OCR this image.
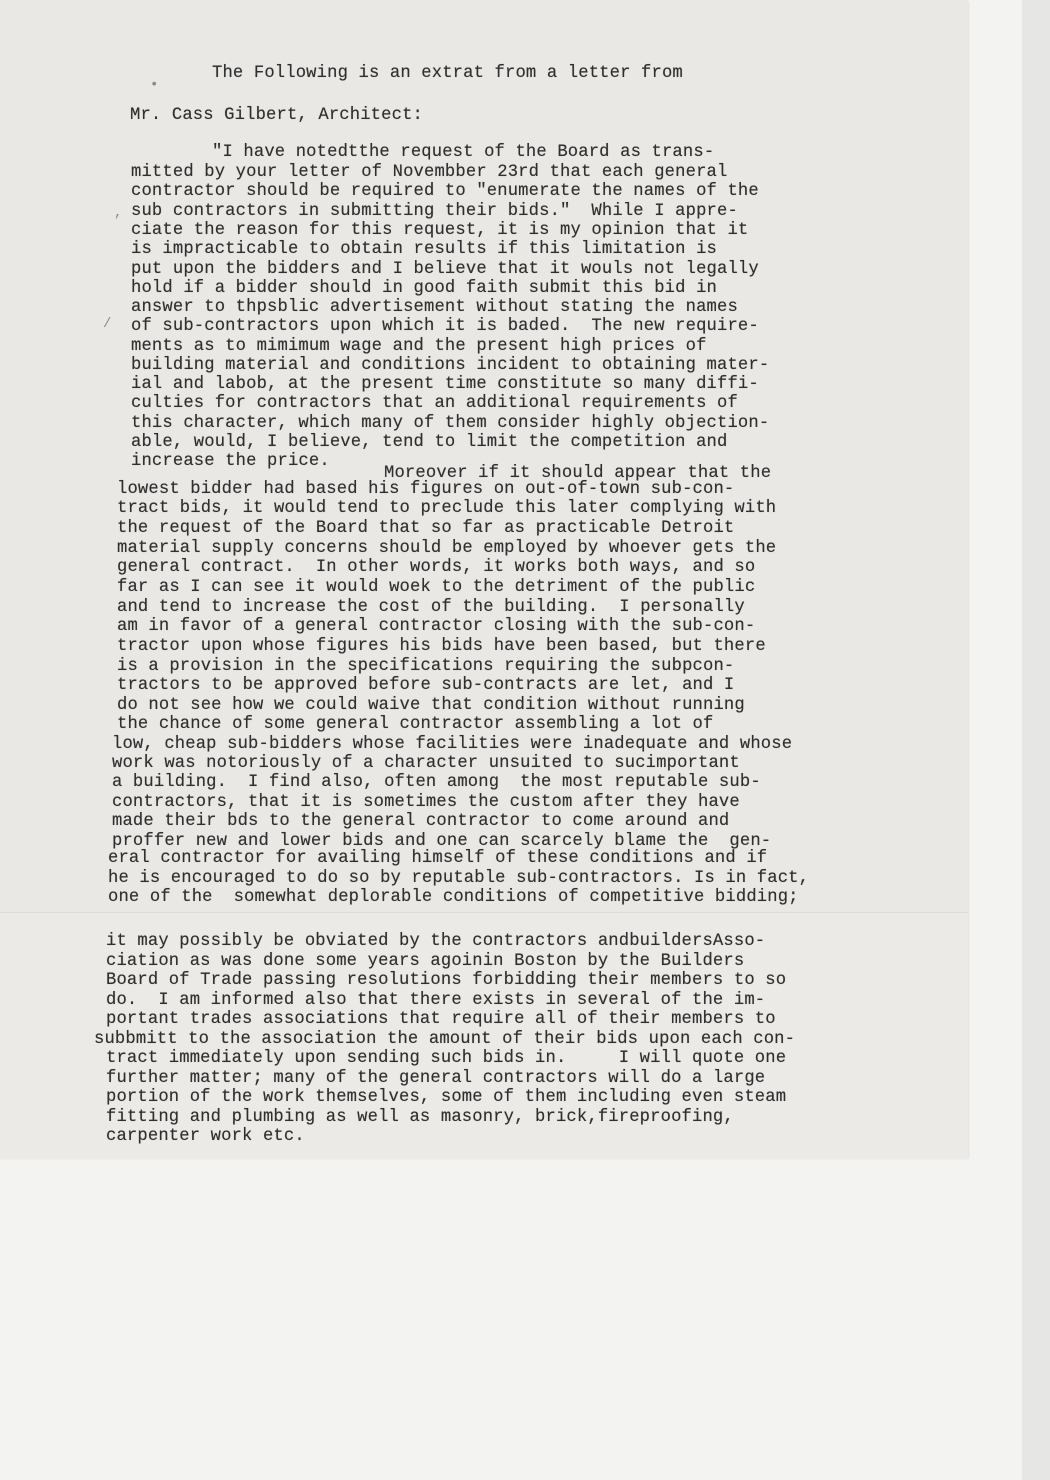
•
,
/
The Following is an extrat from a letter from
Mr. Cass Gilbert, Architect:
"I have notedtthe request of the Board as trans-
mitted by your letter of Novembber 23rd that each general
contractor should be required to "enumerate the names of the
sub contractors in submitting their bids."  While I appre-
ciate the reason for this request, it is my opinion that it
is impracticable to obtain results if this limitation is
put upon the bidders and I believe that it wouls not legally
hold if a bidder should in good faith submit this bid in
answer to thpsblic advertisement without stating the names
of sub-contractors upon which it is baded.  The new require-
ments as to mimimum wage and the present high prices of
building material and conditions incident to obtaining mater-
ial and labob, at the present time constitute so many diffi-
culties for contractors that an additional requirements of
this character, which many of them consider highly objection-
able, would, I believe, tend to limit the competition and
increase the price.
Moreover if it should appear that the
lowest bidder had based his figures on out-of-town sub-con-
tract bids, it would tend to preclude this later complying with
the request of the Board that so far as practicable Detroit
material supply concerns should be employed by whoever gets the
general contract.  In other words, it works both ways, and so
far as I can see it would woek to the detriment of the public
and tend to increase the cost of the building.  I personally
am in favor of a general contractor closing with the sub-con-
tractor upon whose figures his bids have been based, but there
is a provision in the specifications requiring the subpcon-
tractors to be approved before sub-contracts are let, and I
do not see how we could waive that condition without running
the chance of some general contractor assembling a lot of
low, cheap sub-bidders whose facilities were inadequate and whose
work was notoriously of a character unsuited to sucimportant
a building.  I find also, often among  the most reputable sub-
contractors, that it is sometimes the custom after they have
made their bds to the general contractor to come around and
proffer new and lower bids and one can scarcely blame the  gen-
eral contractor for availing himself of these conditions and if
he is encouraged to do so by reputable sub-contractors. Is in fact,
one of the  somewhat deplorable conditions of competitive bidding;
it may possibly be obviated by the contractors andbuildersAsso-
ciation as was done some years agoinin Boston by the Builders
Board of Trade passing resolutions forbidding their members to so
do.  I am informed also that there exists in several of the im-
portant trades associations that require all of their members to
subbmitt to the association the amount of their bids upon each con-
tract immediately upon sending such bids in.     I will quote one
further matter; many of the general contractors will do a large
portion of the work themselves, some of them including even steam
fitting and plumbing as well as masonry, brick,fireproofing,
carpenter work etc.
